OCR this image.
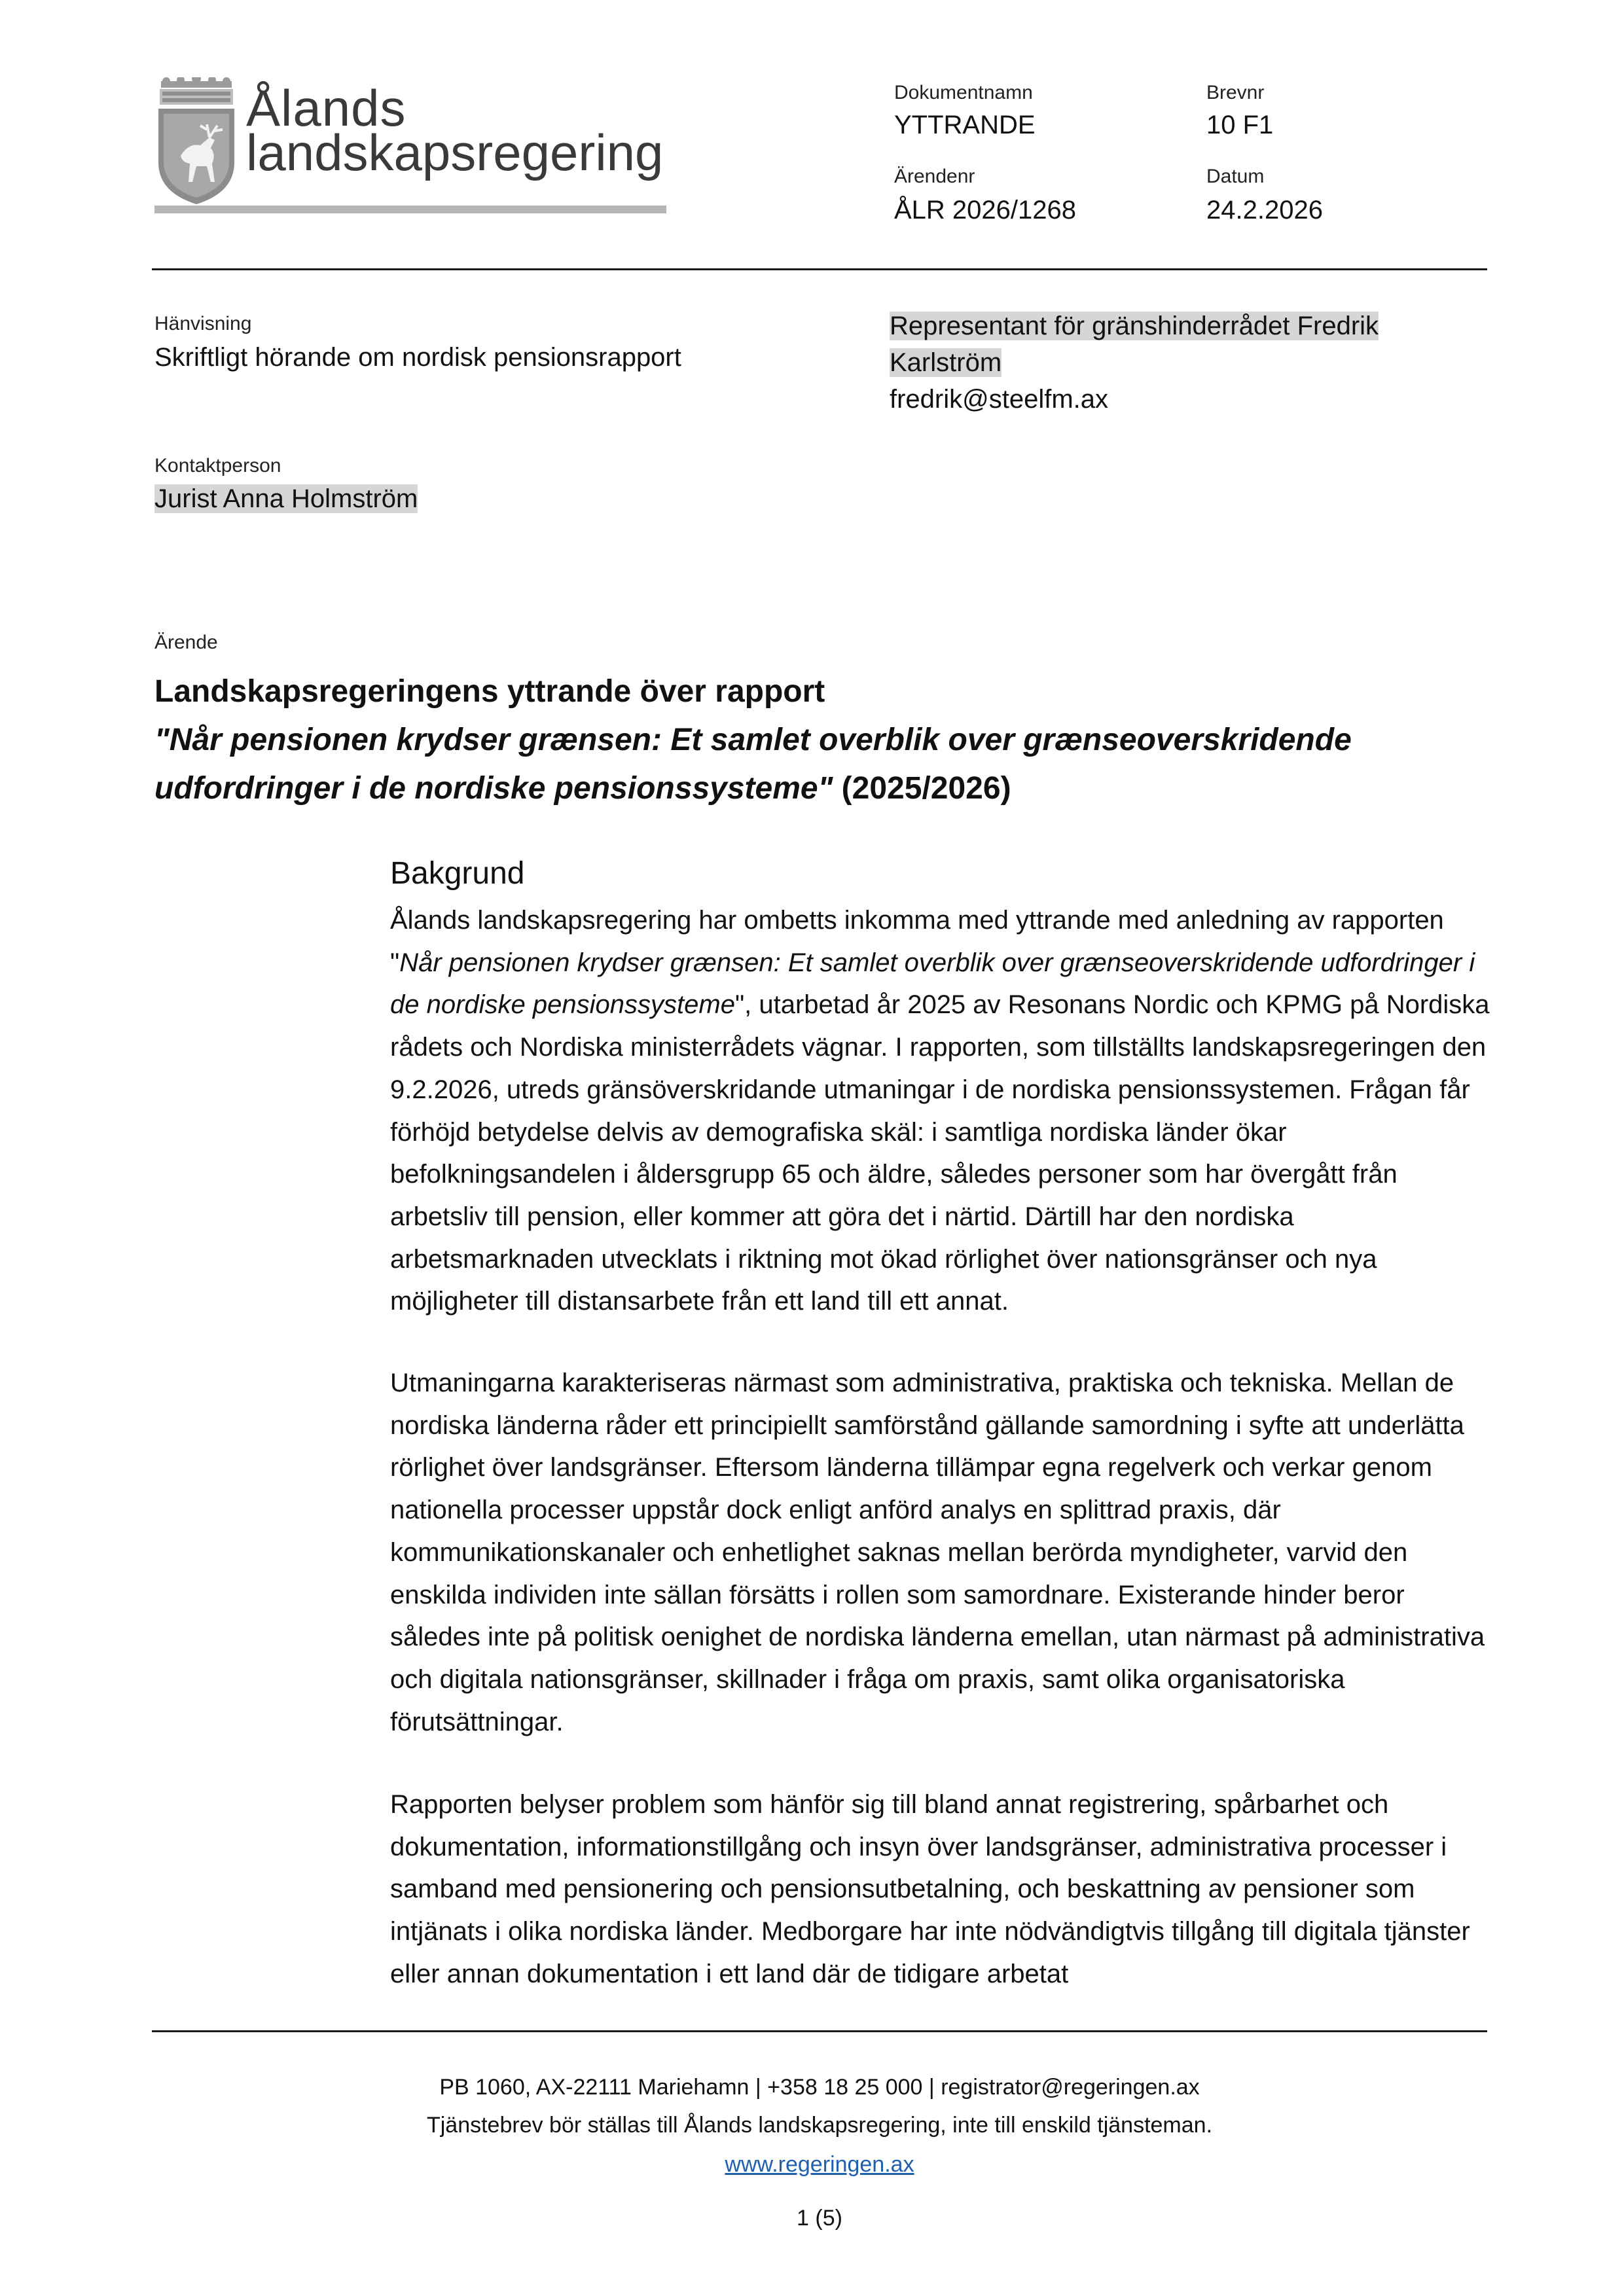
Ålands
landskapsregering
Dokumentnamn
YTTRANDE
Brevnr
10 F1
Ärendenr
ÅLR 2026/1268
Datum
24.2.2026
Hänvisning
Skriftligt hörande om nordisk pensionsrapport
Representant för gränshinderrådet Fredrik
Karlström
fredrik@steelfm.ax
Kontaktperson
Jurist Anna Holmström
Ärende
Landskapsregeringens yttrande över rapport
"Når pensionen krydser grænsen: Et samlet overblik over grænseoverskridende
udfordringer i de nordiske pensionssysteme" (2025/2026)
Bakgrund
Ålands landskapsregering har ombetts inkomma med yttrande med anledning av rapporten "Når pensionen krydser grænsen: Et samlet overblik over grænseoverskridende udfordringer i de nordiske pensionssysteme", utarbetad år 2025 av Resonans Nordic och KPMG på Nordiska rådets och Nordiska ministerrådets vägnar. I rapporten, som tillställts landskapsregeringen den 9.2.2026, utreds gränsöverskridande utmaningar i de nordiska pensionssystemen. Frågan får förhöjd betydelse delvis av demografiska skäl: i samtliga nordiska länder ökar befolkningsandelen i åldersgrupp 65 och äldre, således personer som har övergått från arbetsliv till pension, eller kommer att göra det i närtid. Därtill har den nordiska arbetsmarknaden utvecklats i riktning mot ökad rörlighet över nationsgränser och nya möjligheter till distansarbete från ett land till ett annat.
Utmaningarna karakteriseras närmast som administrativa, praktiska och tekniska. Mellan de nordiska länderna råder ett principiellt samförstånd gällande samordning i syfte att underlätta rörlighet över landsgränser. Eftersom länderna tillämpar egna regelverk och verkar genom nationella processer uppstår dock enligt anförd analys en splittrad praxis, där kommunikationskanaler och enhetlighet saknas mellan berörda myndigheter, varvid den enskilda individen inte sällan försätts i rollen som samordnare. Existerande hinder beror således inte på politisk oenighet de nordiska länderna emellan, utan närmast på administrativa och digitala nationsgränser, skillnader i fråga om praxis, samt olika organisatoriska förutsättningar.
Rapporten belyser problem som hänför sig till bland annat registrering, spårbarhet och dokumentation, informationstillgång och insyn över landsgränser, administrativa processer i samband med pensionering och pensionsutbetalning, och beskattning av pensioner som intjänats i olika nordiska länder. Medborgare har inte nödvändigtvis tillgång till digitala tjänster eller annan dokumentation i ett land där de tidigare arbetat
PB 1060, AX-22111 Mariehamn | +358 18 25 000 | registrator@regeringen.ax
Tjänstebrev bör ställas till Ålands landskapsregering, inte till enskild tjänsteman.
www.regeringen.ax
1 (5)
